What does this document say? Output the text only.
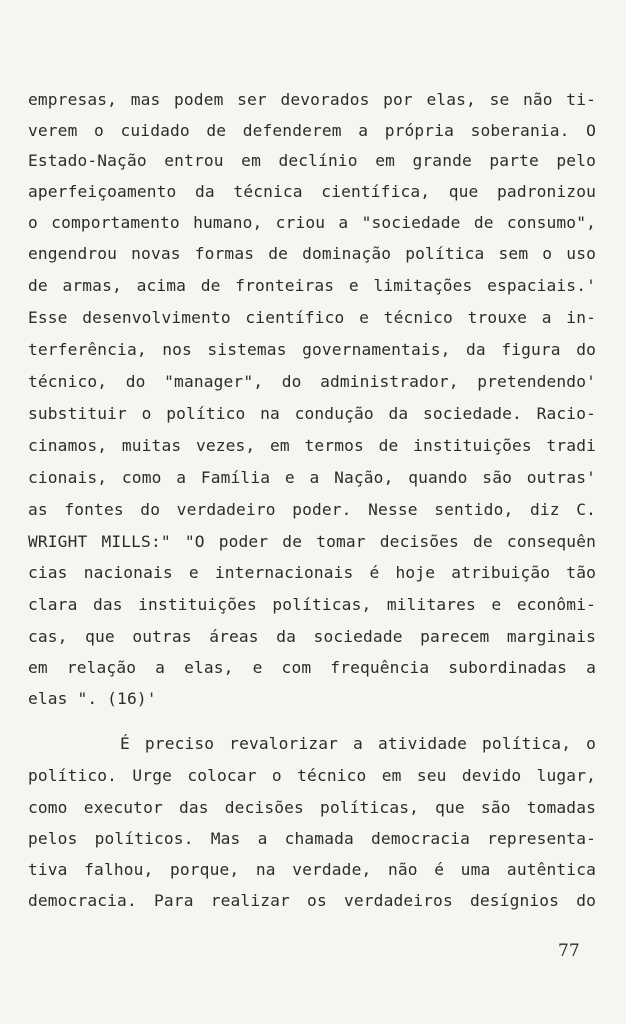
empresas, mas podem ser devorados por elas, se não ti-
verem o cuidado de defenderem a própria soberania. O
Estado-Nação entrou em declínio em grande parte pelo
aperfeiçoamento da técnica científica, que padronizou
o comportamento humano, criou a "sociedade de consumo",
engendrou novas formas de dominação política sem o uso
de armas, acima de fronteiras e limitações espaciais.'
Esse desenvolvimento científico e técnico trouxe a in-
terferência, nos sistemas governamentais, da figura do
técnico, do "manager", do administrador, pretendendo'
substituir o político na condução da sociedade. Racio-
cinamos, muitas vezes, em termos de instituições tradi
cionais, como a Família e a Nação, quando são outras'
as fontes do verdadeiro poder. Nesse sentido, diz C.
WRIGHT MILLS:" "O poder de tomar decisões de consequên
cias nacionais e internacionais é hoje atribuição tão
clara das instituições políticas, militares e econômi-
cas, que outras áreas da sociedade parecem marginais
em relação a elas, e com frequência subordinadas a
elas ". (16)'
É preciso revalorizar a atividade política, o
político. Urge colocar o técnico em seu devido lugar,
como executor das decisões políticas, que são tomadas
pelos políticos. Mas a chamada democracia representa-
tiva falhou, porque, na verdade, não é uma autêntica
democracia. Para realizar os verdadeiros desígnios do
77
